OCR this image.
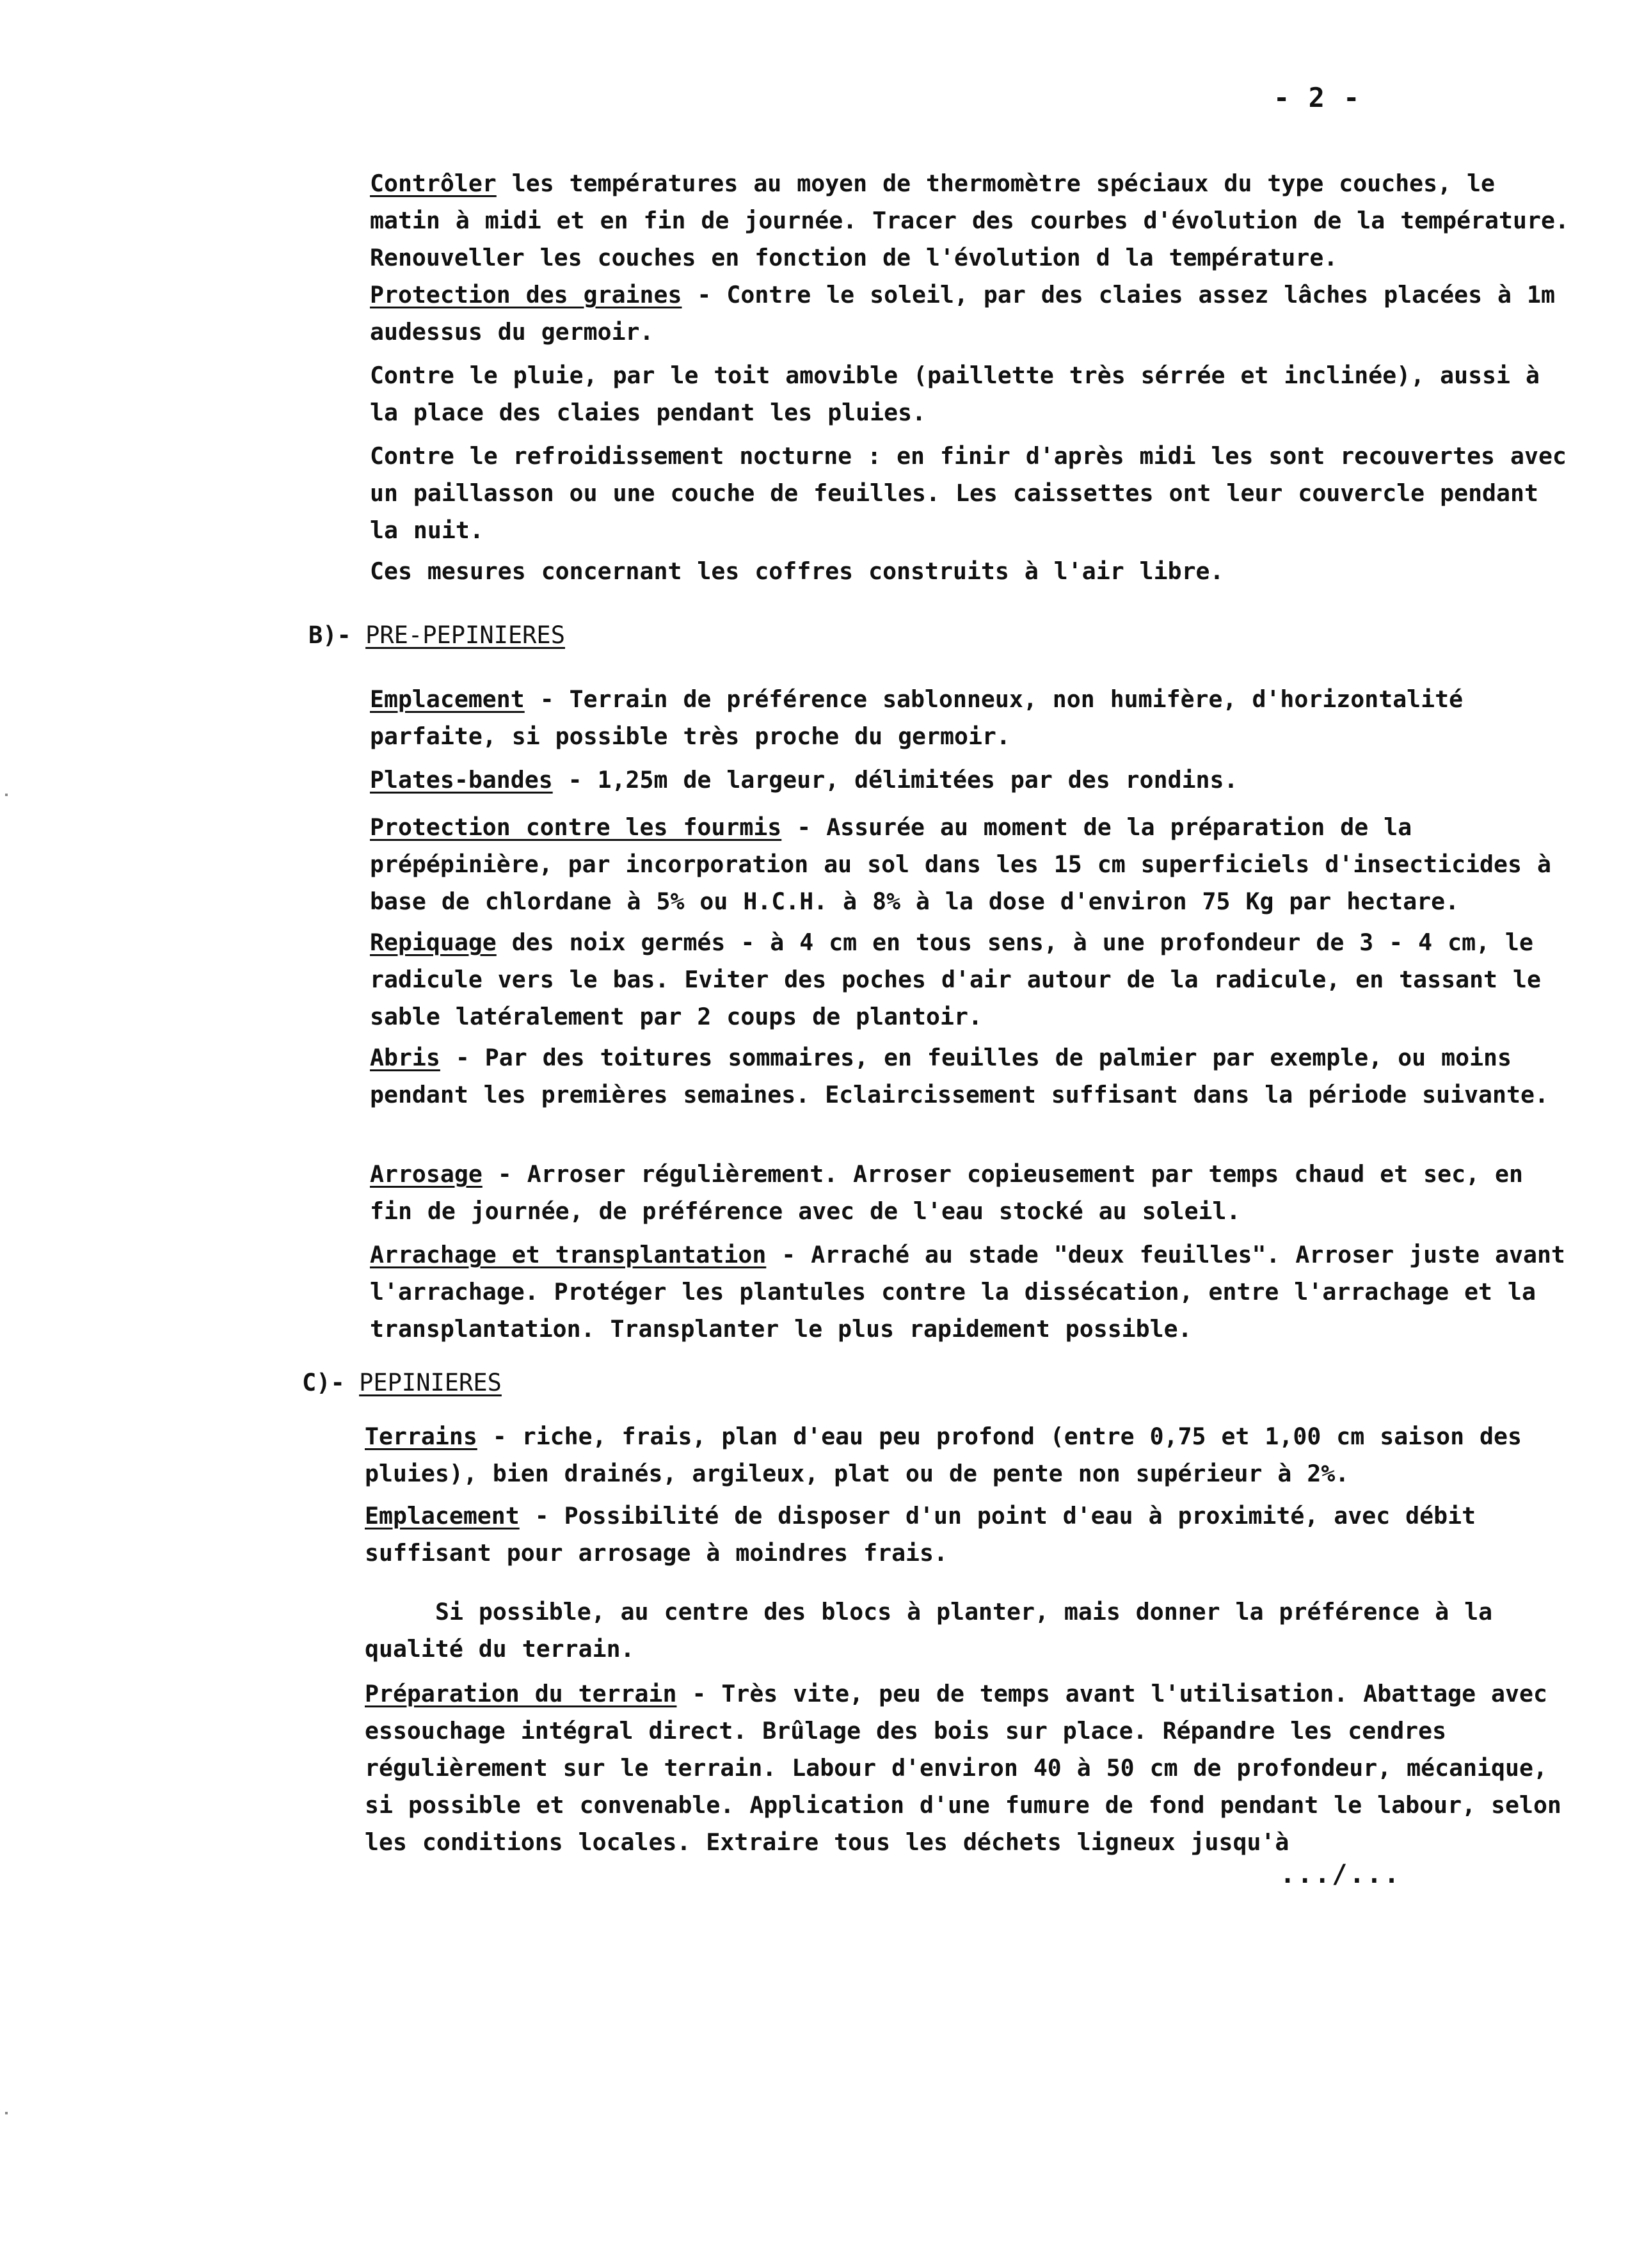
- 2 -
Contrôler les températures au moyen de thermomètre spéciaux du type couches, le matin à midi et en fin de journée. Tracer des courbes d'évolution de la température. Renouveller les couches en fonction de l'évolution d la température.
Protection des graines - Contre le soleil, par des claies assez lâches placées à 1m audessus du germoir.
Contre le pluie, par le toit amovible (paillette très sérrée et inclinée), aussi à la place des claies pendant les pluies.
Contre le refroidissement nocturne : en finir d'après midi les sont recouvertes avec un paillasson ou une couche de feuilles. Les caissettes ont leur couvercle pendant la nuit.
Ces mesures concernant les coffres construits à l'air libre.
B)- PRE-PEPINIERES
Emplacement - Terrain de préférence sablonneux, non humifère, d'horizontalité parfaite, si possible très proche du germoir.
Plates-bandes - 1,25m de largeur, délimitées par des rondins.
Protection contre les fourmis - Assurée au moment de la préparation de la prépépinière, par incorporation au sol dans les 15 cm superficiels d'insecticides à base de chlordane à 5% ou H.C.H. à 8% à la dose d'environ 75 Kg par hectare.
Repiquage des noix germés - à 4 cm en tous sens, à une profondeur de 3 - 4 cm, le radicule vers le bas. Eviter des poches d'air autour de la radicule, en tassant le sable latéralement par 2 coups de plantoir.
Abris - Par des toitures sommaires, en feuilles de palmier par exemple, ou moins pendant les premières semaines. Eclaircissement suffisant dans la période suivante.
Arrosage - Arroser régulièrement. Arroser copieusement par temps chaud et sec, en fin de journée, de préférence avec de l'eau stocké au soleil.
Arrachage et transplantation - Arraché au stade "deux feuilles". Arroser juste avant l'arrachage. Protéger les plantules contre la dissécation, entre l'arrachage et la transplantation. Transplanter le plus rapidement possible.
C)- PEPINIERES
Terrains - riche, frais, plan d'eau peu profond (entre 0,75 et 1,00 cm saison des pluies), bien drainés, argileux, plat ou de pente non supérieur à 2%.
Emplacement - Possibilité de disposer d'un point d'eau à proximité, avec débit suffisant pour arrosage à moindres frais.
Si possible, au centre des blocs à planter, mais donner la préférence à la qualité du terrain.
Préparation du terrain - Très vite, peu de temps avant l'utilisation. Abattage avec essouchage intégral direct. Brûlage des bois sur place. Répandre les cendres régulièrement sur le terrain. Labour d'environ 40 à 50 cm de profondeur, mécanique, si possible et convenable. Application d'une fumure de fond pendant le labour, selon les conditions locales. Extraire tous les déchets ligneux jusqu'à
.../...
